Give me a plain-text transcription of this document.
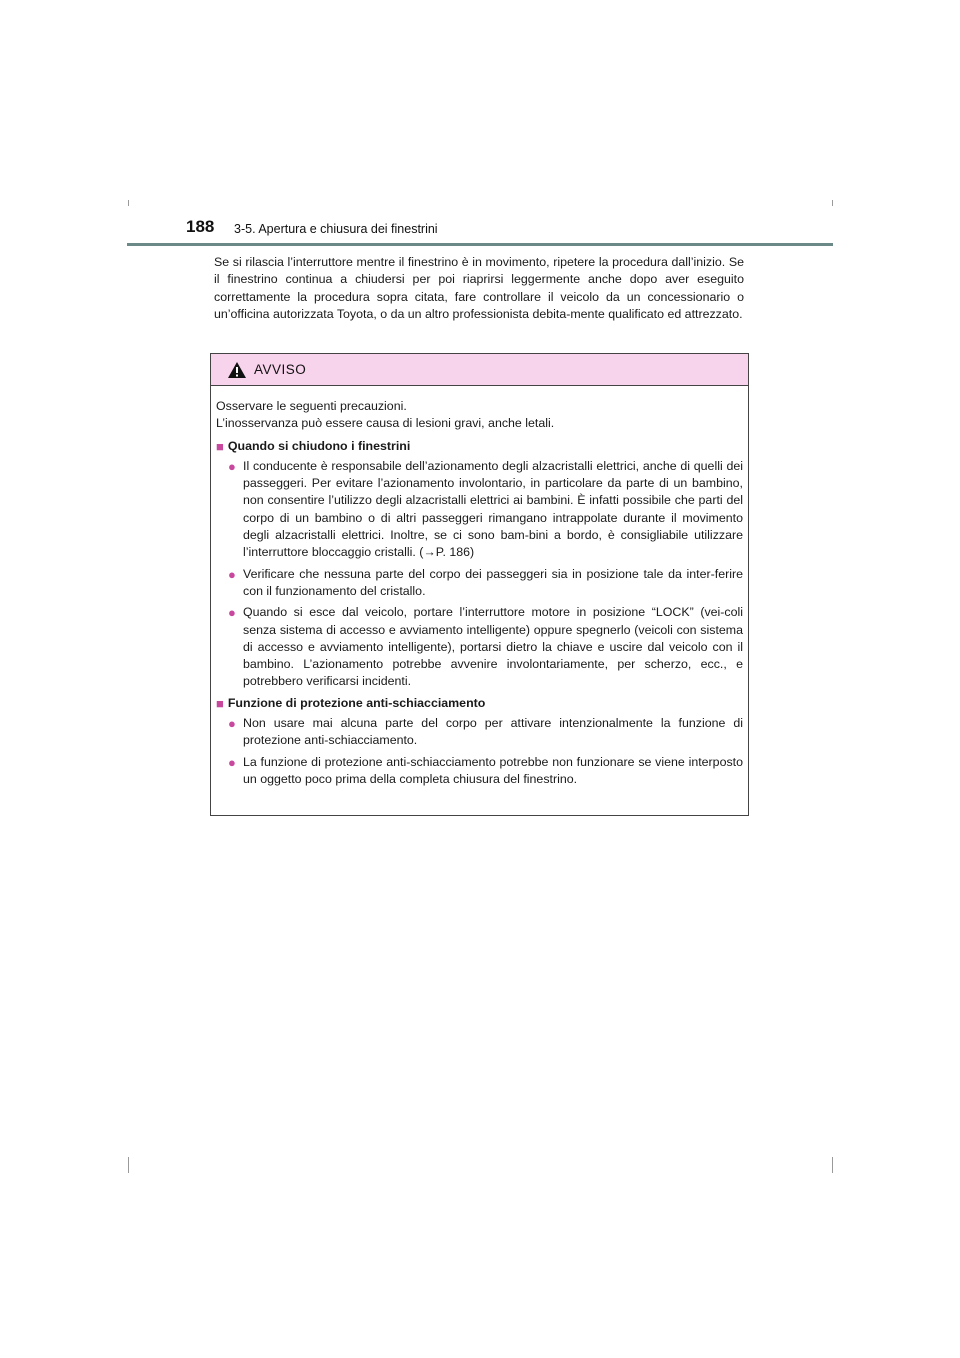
188 3-5. Apertura e chiusura dei finestrini
Se si rilascia l’interruttore mentre il finestrino è in movimento, ripetere la procedura dall’inizio. Se il finestrino continua a chiudersi per poi riaprirsi leggermente anche dopo aver eseguito correttamente la procedura sopra citata, fare controllare il veicolo da un concessionario o un’officina autorizzata Toyota, o da un altro professionista debita-mente qualificato ed attrezzato.
AVVISO
Osservare le seguenti precauzioni.
L’inosservanza può essere causa di lesioni gravi, anche letali.
■ Quando si chiudono i finestrini
● Il conducente è responsabile dell’azionamento degli alzacristalli elettrici, anche di quelli dei passeggeri. Per evitare l’azionamento involontario, in particolare da parte di un bambino, non consentire l’utilizzo degli alzacristalli elettrici ai bambini. È infatti possibile che parti del corpo di un bambino o di altri passeggeri rimangano intrappolate durante il movimento degli alzacristalli elettrici. Inoltre, se ci sono bam-bini a bordo, è consigliabile utilizzare l’interruttore bloccaggio cristalli. (→P. 186)
● Verificare che nessuna parte del corpo dei passeggeri sia in posizione tale da inter-ferire con il funzionamento del cristallo.
● Quando si esce dal veicolo, portare l’interruttore motore in posizione “LOCK” (vei-coli senza sistema di accesso e avviamento intelligente) oppure spegnerlo (veicoli con sistema di accesso e avviamento intelligente), portarsi dietro la chiave e uscire dal veicolo con il bambino. L’azionamento potrebbe avvenire involontariamente, per scherzo, ecc., e potrebbero verificarsi incidenti.
■ Funzione di protezione anti-schiacciamento
● Non usare mai alcuna parte del corpo per attivare intenzionalmente la funzione di protezione anti-schiacciamento.
● La funzione di protezione anti-schiacciamento potrebbe non funzionare se viene interposto un oggetto poco prima della completa chiusura del finestrino.
